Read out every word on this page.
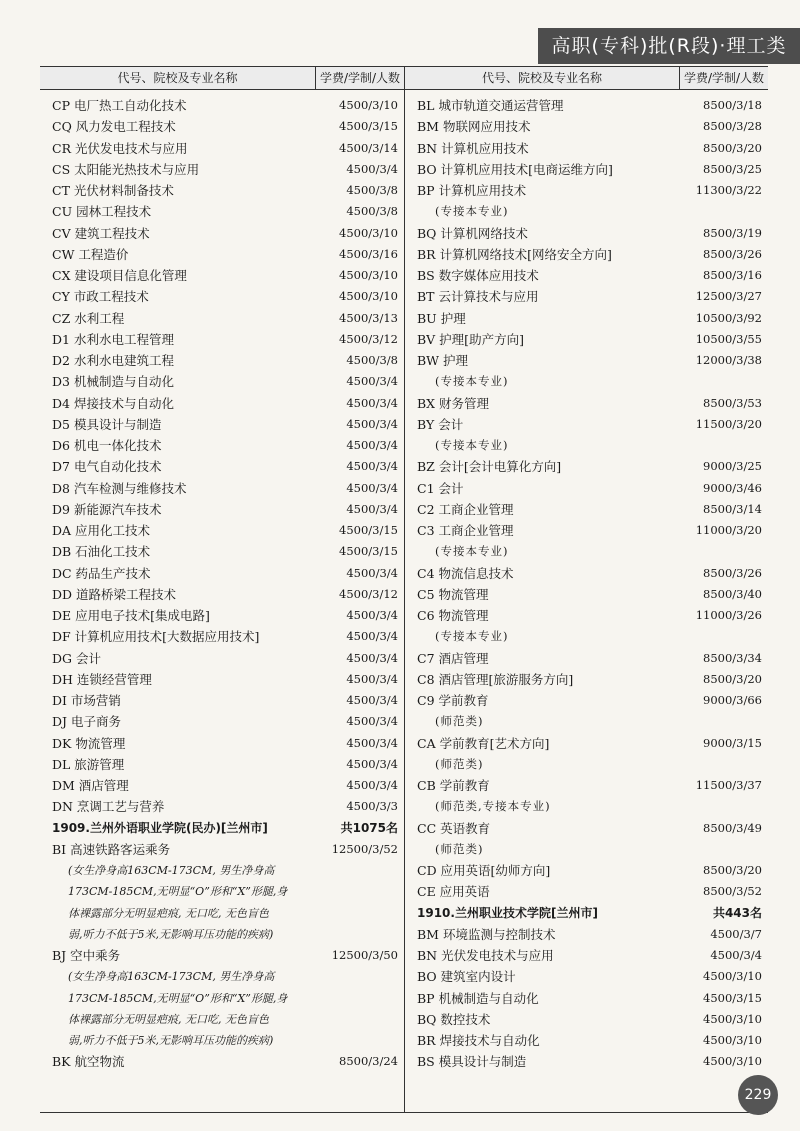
高职(专科)批(R段)·理工类
代号、院校及专业名称	学费/学制/人数
CP 电厂热工自动化技术	4500/3/10
CQ 风力发电工程技术	4500/3/15
CR 光伏发电技术与应用	4500/3/14
CS 太阳能光热技术与应用	4500/3/4
CT 光伏材料制备技术	4500/3/8
CU 园林工程技术	4500/3/8
CV 建筑工程技术	4500/3/10
CW 工程造价	4500/3/16
CX 建设项目信息化管理	4500/3/10
CY 市政工程技术	4500/3/10
CZ 水利工程	4500/3/13
D1 水利水电工程管理	4500/3/12
D2 水利水电建筑工程	4500/3/8
D3 机械制造与自动化	4500/3/4
D4 焊接技术与自动化	4500/3/4
D5 模具设计与制造	4500/3/4
D6 机电一体化技术	4500/3/4
D7 电气自动化技术	4500/3/4
D8 汽车检测与维修技术	4500/3/4
D9 新能源汽车技术	4500/3/4
DA 应用化工技术	4500/3/15
DB 石油化工技术	4500/3/15
DC 药品生产技术	4500/3/4
DD 道路桥梁工程技术	4500/3/12
DE 应用电子技术[集成电路]	4500/3/4
DF 计算机应用技术[大数据应用技术]	4500/3/4
DG 会计	4500/3/4
DH 连锁经营管理	4500/3/4
DI 市场营销	4500/3/4
DJ 电子商务	4500/3/4
DK 物流管理	4500/3/4
DL 旅游管理	4500/3/4
DM 酒店管理	4500/3/4
DN 烹调工艺与营养	4500/3/3
1909.兰州外语职业学院(民办)[兰州市]	共1075名
BI 高速铁路客运乘务	12500/3/52
(女生净身高163CM-173CM, 男生净身高
173CM-185CM,无明显“O”形和“X”形腿,身
体裸露部分无明显疤痕, 无口吃, 无色盲色
弱,听力不低于5米,无影响耳压功能的疾病)
BJ 空中乘务	12500/3/50
(女生净身高163CM-173CM, 男生净身高
173CM-185CM,无明显“O”形和“X”形腿,身
体裸露部分无明显疤痕, 无口吃, 无色盲色
弱,听力不低于5米,无影响耳压功能的疾病)
BK 航空物流	8500/3/24
代号、院校及专业名称	学费/学制/人数
BL 城市轨道交通运营管理	8500/3/18
BM 物联网应用技术	8500/3/28
BN 计算机应用技术	8500/3/20
BO 计算机应用技术[电商运维方向]	8500/3/25
BP 计算机应用技术	11300/3/22
(专接本专业)
BQ 计算机网络技术	8500/3/19
BR 计算机网络技术[网络安全方向]	8500/3/26
BS 数字媒体应用技术	8500/3/16
BT 云计算技术与应用	12500/3/27
BU 护理	10500/3/92
BV 护理[助产方向]	10500/3/55
BW 护理	12000/3/38
(专接本专业)
BX 财务管理	8500/3/53
BY 会计	11500/3/20
(专接本专业)
BZ 会计[会计电算化方向]	9000/3/25
C1 会计	9000/3/46
C2 工商企业管理	8500/3/14
C3 工商企业管理	11000/3/20
(专接本专业)
C4 物流信息技术	8500/3/26
C5 物流管理	8500/3/40
C6 物流管理	11000/3/26
(专接本专业)
C7 酒店管理	8500/3/34
C8 酒店管理[旅游服务方向]	8500/3/20
C9 学前教育	9000/3/66
(师范类)
CA 学前教育[艺术方向]	9000/3/15
(师范类)
CB 学前教育	11500/3/37
(师范类,专接本专业)
CC 英语教育	8500/3/49
(师范类)
CD 应用英语[幼师方向]	8500/3/20
CE 应用英语	8500/3/52
1910.兰州职业技术学院[兰州市]	共443名
BM 环境监测与控制技术	4500/3/7
BN 光伏发电技术与应用	4500/3/4
BO 建筑室内设计	4500/3/10
BP 机械制造与自动化	4500/3/15
BQ 数控技术	4500/3/10
BR 焊接技术与自动化	4500/3/10
BS 模具设计与制造	4500/3/10
229
